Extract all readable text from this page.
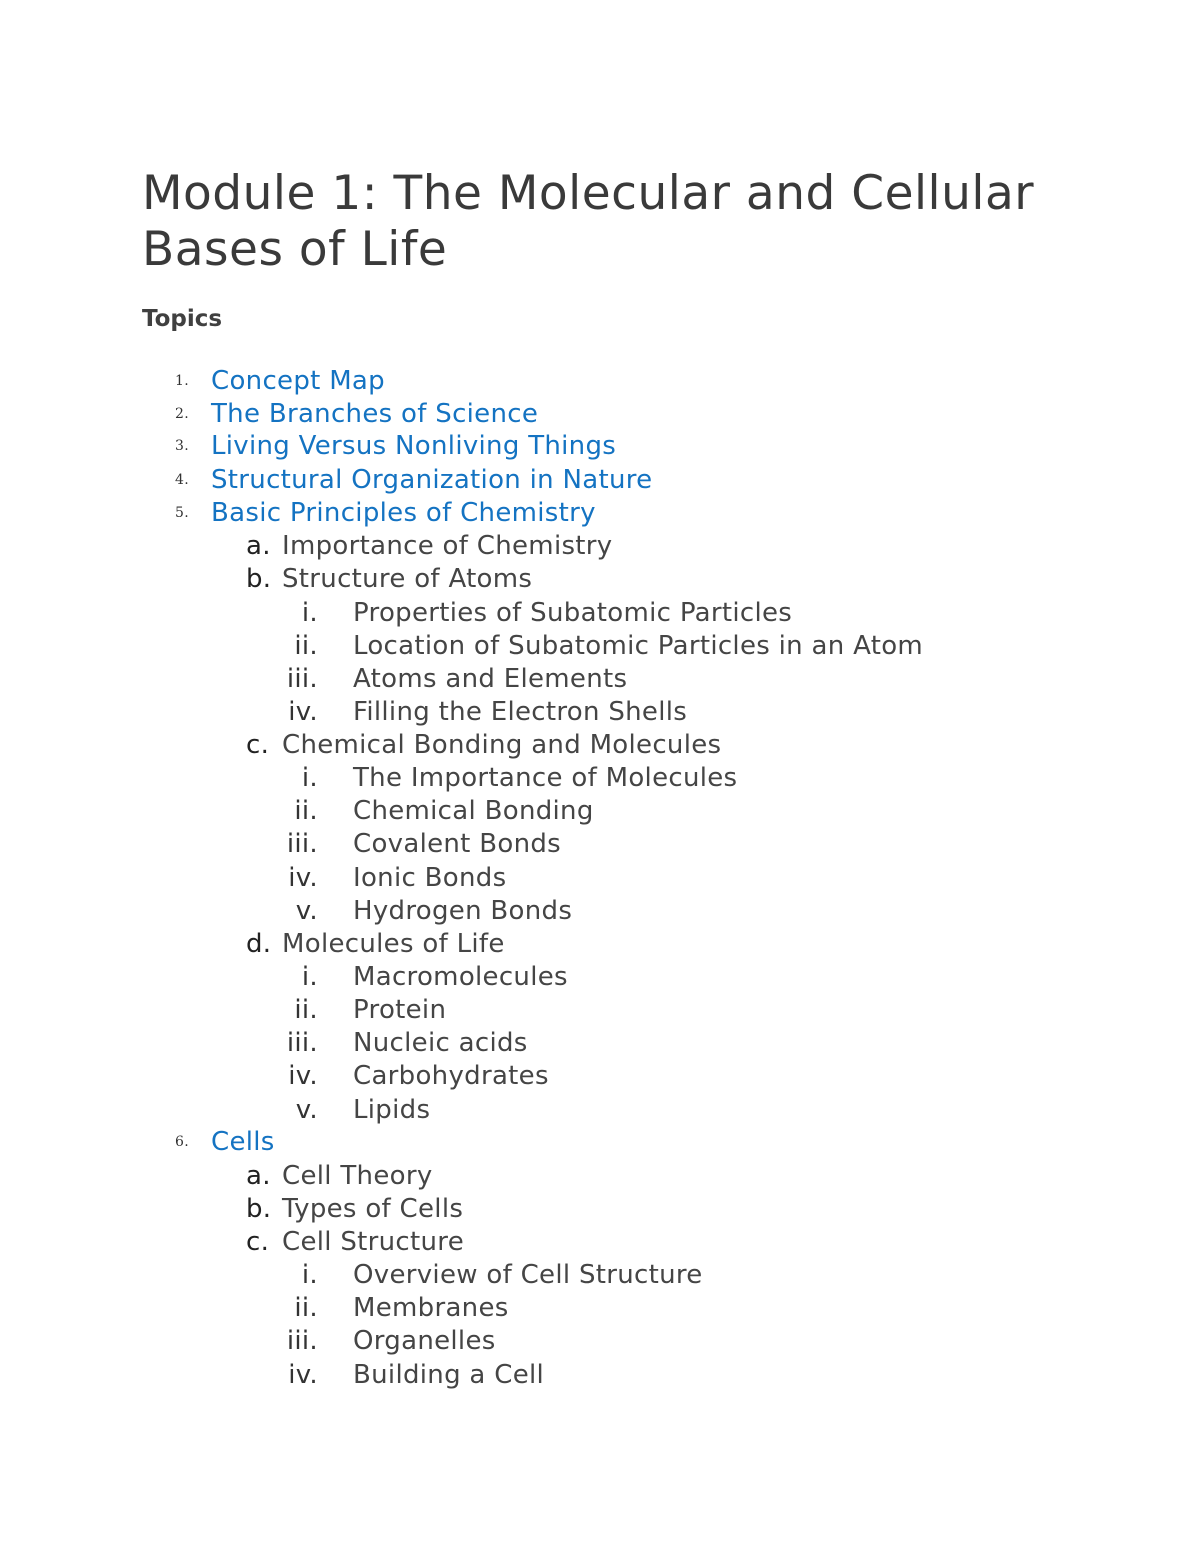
Module 1: The Molecular and Cellular Bases of Life
Topics
1. Concept Map
2. The Branches of Science
3. Living Versus Nonliving Things
4. Structural Organization in Nature
5. Basic Principles of Chemistry
a. Importance of Chemistry
b. Structure of Atoms
i. Properties of Subatomic Particles
ii. Location of Subatomic Particles in an Atom
iii. Atoms and Elements
iv. Filling the Electron Shells
c. Chemical Bonding and Molecules
i. The Importance of Molecules
ii. Chemical Bonding
iii. Covalent Bonds
iv. Ionic Bonds
v. Hydrogen Bonds
d. Molecules of Life
i. Macromolecules
ii. Protein
iii. Nucleic acids
iv. Carbohydrates
v. Lipids
6. Cells
a. Cell Theory
b. Types of Cells
c. Cell Structure
i. Overview of Cell Structure
ii. Membranes
iii. Organelles
iv. Building a Cell
